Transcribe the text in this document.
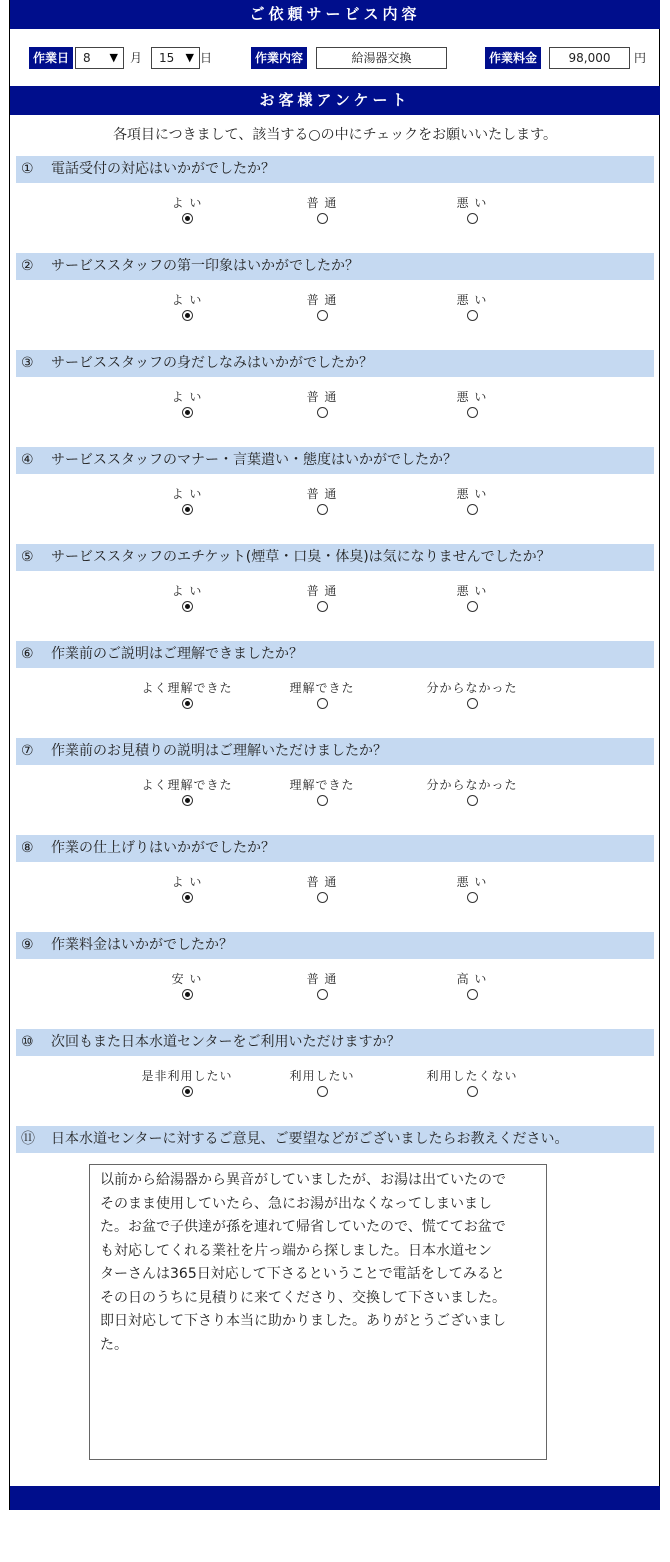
ご依頼サービス内容
作業日	8 ▼ 月 15 ▼ 日	作業内容	給湯器交換	作業料金	98,000	円
お客様アンケート
各項目につきまして、該当する○の中にチェックをお願いいたします。
① 電話受付の対応はいかがでしたか？
よ い	普 通	悪 い
② サービススタッフの第一印象はいかがでしたか？
よ い	普 通	悪 い
③ サービススタッフの身だしなみはいかがでしたか？
よ い	普 通	悪 い
④ サービススタッフのマナー・言葉遣い・態度はいかがでしたか？
よ い	普 通	悪 い
⑤ サービススタッフのエチケット(煙草・口臭・体臭)は気になりませんでしたか？
よ い	普 通	悪 い
⑥ 作業前のご説明はご理解できましたか？
よく理解できた	理解できた	分からなかった
⑦ 作業前のお見積りの説明はご理解いただけましたか？
よく理解できた	理解できた	分からなかった
⑧ 作業の仕上げりはいかがでしたか？
よ い	普 通	悪 い
⑨ 作業料金はいかがでしたか？
安 い	普 通	高 い
⑩ 次回もまた日本水道センターをご利用いただけますか？
是非利用したい	利用したい	利用したくない
⑪ 日本水道センターに対するご意見、ご要望などがございましたらお教えください。
以前から給湯器から異音がしていましたが、お湯は出ていたので
そのまま使用していたら、急にお湯が出なくなってしまいまし
た。お盆で子供達が孫を連れて帰省していたので、慌ててお盆で
も対応してくれる業社を片っ端から探しました。日本水道セン
ターさんは365日対応して下さるということで電話をしてみると
その日のうちに見積りに来てくださり、交換して下さいました。
即日対応して下さり本当に助かりました。ありがとうございまし
た。
